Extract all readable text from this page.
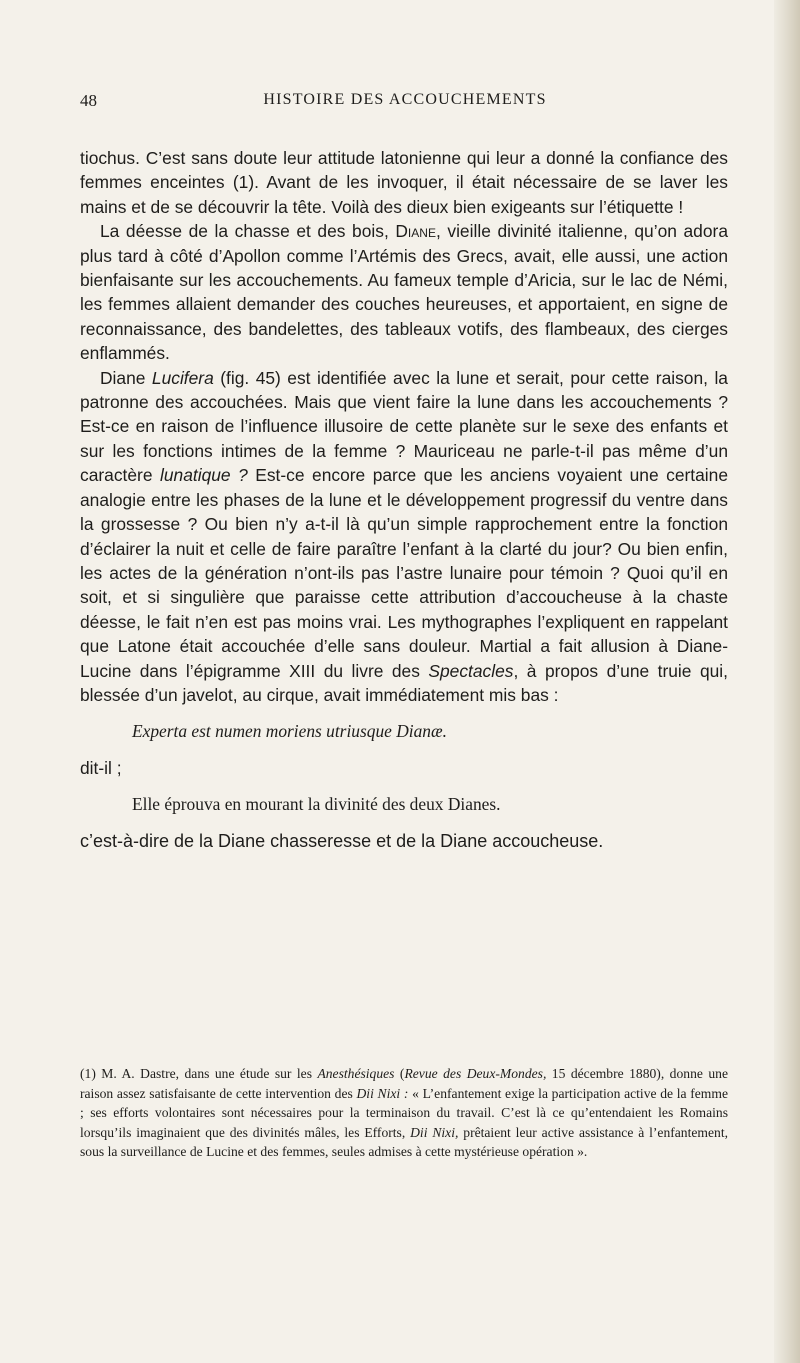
48	HISTOIRE DES ACCOUCHEMENTS

tiochus. C’est sans doute leur attitude latonienne qui leur a donné la confiance des femmes enceintes (1). Avant de les invoquer, il était nécessaire de se laver les mains et de se découvrir la tête. Voilà des dieux bien exigeants sur l’étiquette !

La déesse de la chasse et des bois, Diane, vieille divinité italienne, qu’on adora plus tard à côté d’Apollon comme l’Artémis des Grecs, avait, elle aussi, une action bienfaisante sur les accouchements. Au fameux temple d’Aricia, sur le lac de Némi, les femmes allaient demander des couches heureuses, et apportaient, en signe de reconnaissance, des bandelettes, des tableaux votifs, des flambeaux, des cierges enflammés.

Diane Lucifera (fig. 45) est identifiée avec la lune et serait, pour cette raison, la patronne des accouchées. Mais que vient faire la lune dans les accouchements ? Est-ce en raison de l’influence illusoire de cette planète sur le sexe des enfants et sur les fonctions intimes de la femme ? Mauriceau ne parle-t-il pas même d’un caractère lunatique ? Est-ce encore parce que les anciens voyaient une certaine analogie entre les phases de la lune et le développement progressif du ventre dans la grossesse ? Ou bien n’y a-t-il là qu’un simple rapprochement entre la fonction d’éclairer la nuit et celle de faire paraître l’enfant à la clarté du jour? Ou bien enfin, les actes de la génération n’ont-ils pas l’astre lunaire pour témoin ? Quoi qu’il en soit, et si singulière que paraisse cette attribution d’accoucheuse à la chaste déesse, le fait n’en est pas moins vrai. Les mythographes l’expliquent en rappelant que Latone était accouchée d’elle sans douleur. Martial a fait allusion à Diane-Lucine dans l’épigramme XIII du livre des Spectacles, à propos d’une truie qui, blessée d’un javelot, au cirque, avait immédiatement mis bas :

Experta est numen moriens utriusque Dianæ.

dit-il ;

Elle éprouva en mourant la divinité des deux Dianes.

c’est-à-dire de la Diane chasseresse et de la Diane accoucheuse.

(1) M. A. Dastre, dans une étude sur les Anesthésiques (Revue des Deux-Mondes, 15 décembre 1880), donne une raison assez satisfaisante de cette intervention des Dii Nixi : « L’enfantement exige la participation active de la femme ; ses efforts volontaires sont nécessaires pour la terminaison du travail. C’est là ce qu’entendaient les Romains lorsqu’ils imaginaient que des divinités mâles, les Efforts, Dii Nixi, prêtaient leur active assistance à l’enfantement, sous la surveillance de Lucine et des femmes, seules admises à cette mystérieuse opération ».
